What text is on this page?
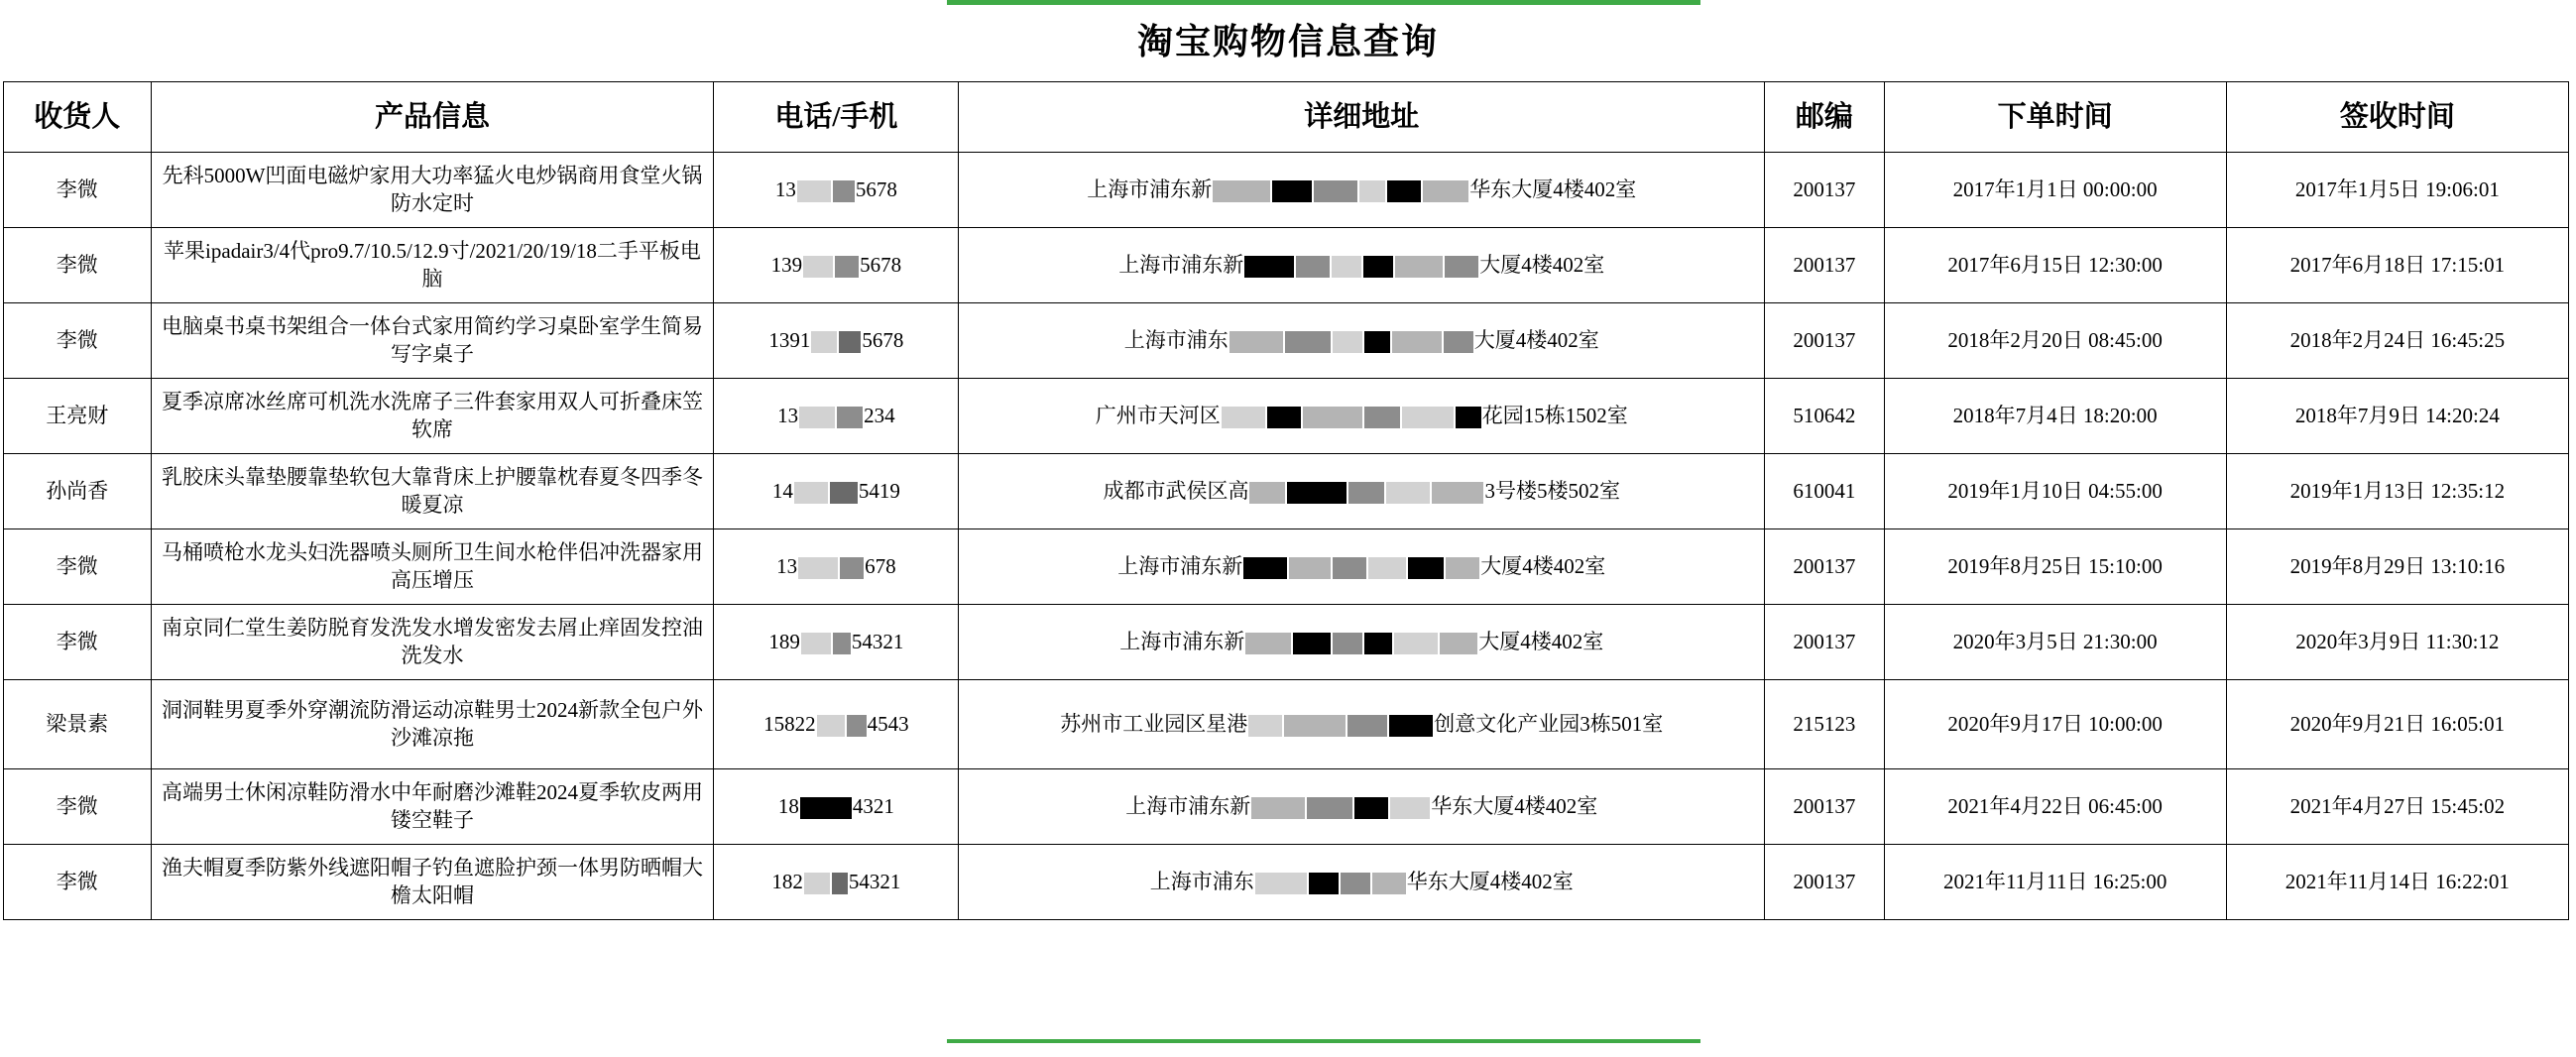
淘宝购物信息查询
收货人	产品信息	电话/手机	详细地址	邮编	下单时间	签收时间
李微	先科5000W凹面电磁炉家用大功率猛火电炒锅商用食堂火锅防水定时	13 5678	上海市浦东新 华东大厦4楼402室	200137	2017年1月1日 00:00:00	2017年1月5日 19:06:01
李微	苹果ipadair3/4代pro9.7/10.5/12.9寸/2021/20/19/18二手平板电脑	139 5678	上海市浦东新 大厦4楼402室	200137	2017年6月15日 12:30:00	2017年6月18日 17:15:01
李微	电脑桌书桌书架组合一体台式家用简约学习桌卧室学生简易写字桌子	1391 5678	上海市浦东 大厦4楼402室	200137	2018年2月20日 08:45:00	2018年2月24日 16:45:25
王亮财	夏季凉席冰丝席可机洗水洗席子三件套家用双人可折叠床笠软席	13 234	广州市天河区 花园15栋1502室	510642	2018年7月4日 18:20:00	2018年7月9日 14:20:24
孙尚香	乳胶床头靠垫腰靠垫软包大靠背床上护腰靠枕春夏冬四季冬暖夏凉	14 5419	成都市武侯区高 3号楼5楼502室	610041	2019年1月10日 04:55:00	2019年1月13日 12:35:12
李微	马桶喷枪水龙头妇洗器喷头厕所卫生间水枪伴侣冲洗器家用高压增压	13 678	上海市浦东新 大厦4楼402室	200137	2019年8月25日 15:10:00	2019年8月29日 13:10:16
李微	南京同仁堂生姜防脱育发洗发水增发密发去屑止痒固发控油洗发水	189 54321	上海市浦东新 大厦4楼402室	200137	2020年3月5日 21:30:00	2020年3月9日 11:30:12
梁景素	洞洞鞋男夏季外穿潮流防滑运动凉鞋男士2024新款全包户外沙滩凉拖	15822 4543	苏州市工业园区星港 创意文化产业园3栋501室	215123	2020年9月17日 10:00:00	2020年9月21日 16:05:01
李微	高端男士休闲凉鞋防滑水中年耐磨沙滩鞋2024夏季软皮两用镂空鞋子	18 4321	上海市浦东新 华东大厦4楼402室	200137	2021年4月22日 06:45:00	2021年4月27日 15:45:02
李微	渔夫帽夏季防紫外线遮阳帽子钓鱼遮脸护颈一体男防晒帽大檐太阳帽	182 54321	上海市浦东 华东大厦4楼402室	200137	2021年11月11日 16:25:00	2021年11月14日 16:22:01
